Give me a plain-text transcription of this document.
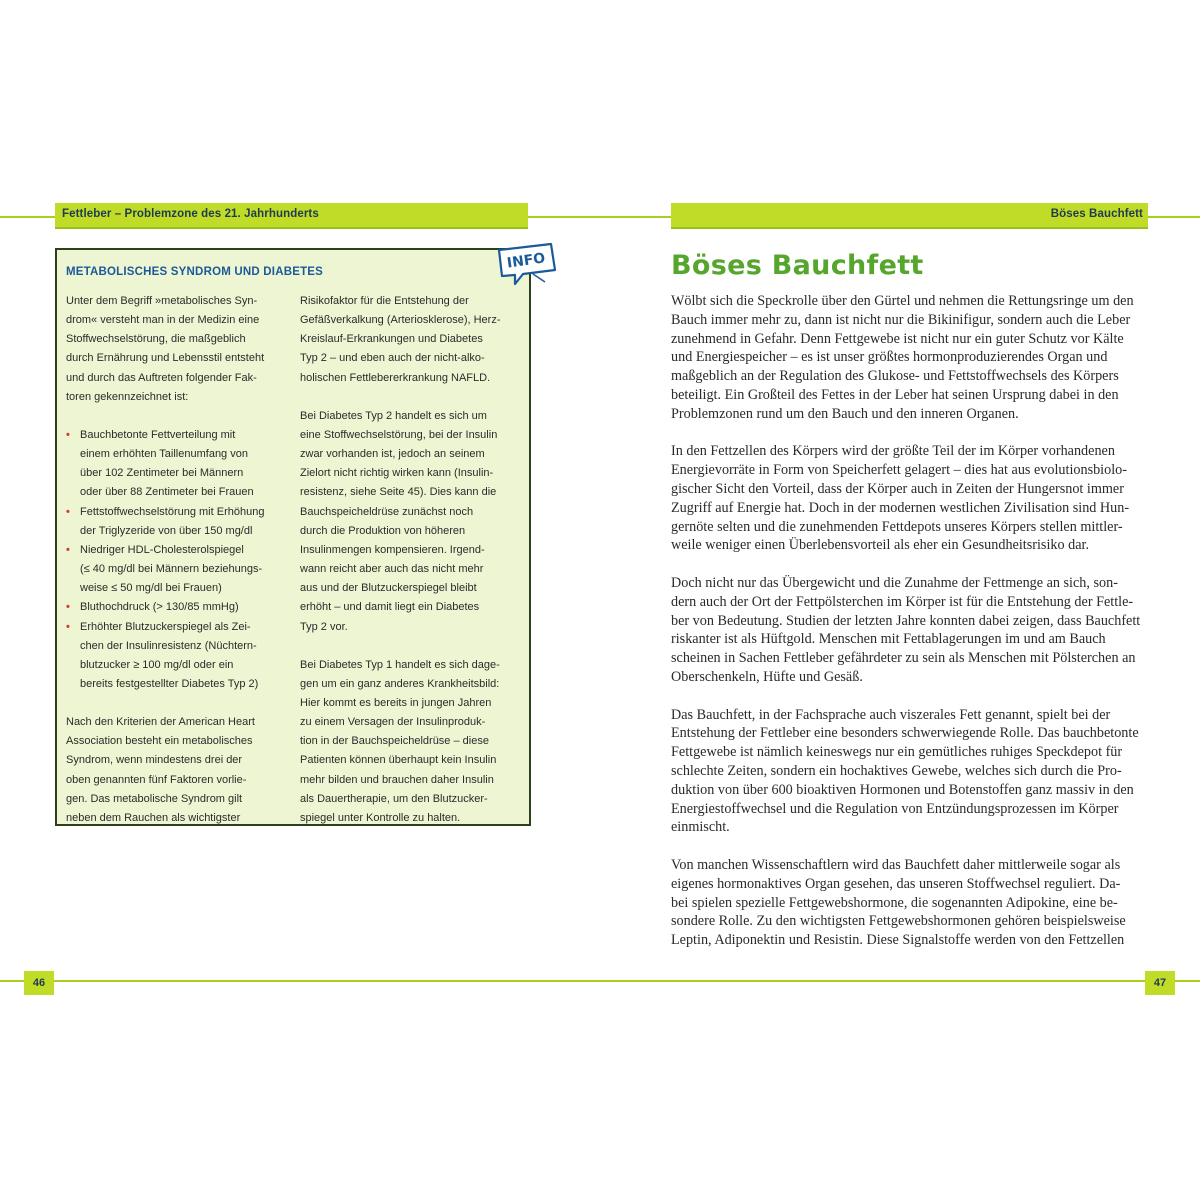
Fettleber – Problemzone des 21. Jahrhunderts	Böses Bauchfett
INFO
METABOLISCHES SYNDROM UND DIABETES
Unter dem Begriff »metabolisches Syn-
drom« versteht man in der Medizin eine
Stoffwechselstörung, die maßgeblich
durch Ernährung und Lebensstil entsteht
und durch das Auftreten folgender Fak-
toren gekennzeichnet ist:
• Bauchbetonte Fettverteilung mit
einem erhöhten Taillenumfang von
über 102 Zentimeter bei Männern
oder über 88 Zentimeter bei Frauen
• Fettstoffwechselstörung mit Erhöhung
der Triglyzeride von über 150 mg/dl
• Niedriger HDL-Cholesterolspiegel
(≤ 40 mg/dl bei Männern beziehungs-
weise ≤ 50 mg/dl bei Frauen)
• Bluthochdruck (> 130/85 mmHg)
• Erhöhter Blutzuckerspiegel als Zei-
chen der Insulinresistenz (Nüchtern-
blutzucker ≥ 100 mg/dl oder ein
bereits festgestellter Diabetes Typ 2)
Nach den Kriterien der American Heart
Association besteht ein metabolisches
Syndrom, wenn mindestens drei der
oben genannten fünf Faktoren vorlie-
gen. Das metabolische Syndrom gilt
neben dem Rauchen als wichtigster
Risikofaktor für die Entstehung der
Gefäßverkalkung (Arteriosklerose), Herz-
Kreislauf-Erkrankungen und Diabetes
Typ 2 – und eben auch der nicht-alko-
holischen Fettlebererkrankung NAFLD.
Bei Diabetes Typ 2 handelt es sich um
eine Stoffwechselstörung, bei der Insulin
zwar vorhanden ist, jedoch an seinem
Zielort nicht richtig wirken kann (Insulin-
resistenz, siehe Seite 45). Dies kann die
Bauchspeicheldrüse zunächst noch
durch die Produktion von höheren
Insulinmengen kompensieren. Irgend-
wann reicht aber auch das nicht mehr
aus und der Blutzuckerspiegel bleibt
erhöht – und damit liegt ein Diabetes
Typ 2 vor.
Bei Diabetes Typ 1 handelt es sich dage-
gen um ein ganz anderes Krankheitsbild:
Hier kommt es bereits in jungen Jahren
zu einem Versagen der Insulinproduk-
tion in der Bauchspeicheldrüse – diese
Patienten können überhaupt kein Insulin
mehr bilden und brauchen daher Insulin
als Dauertherapie, um den Blutzucker-
spiegel unter Kontrolle zu halten.
Böses Bauchfett

Wölbt sich die Speckrolle über den Gürtel und nehmen die Rettungsringe um den
Bauch immer mehr zu, dann ist nicht nur die Bikinifigur, sondern auch die Leber
zunehmend in Gefahr. Denn Fettgewebe ist nicht nur ein guter Schutz vor Kälte
und Energiespeicher – es ist unser größtes hormonproduzierendes Organ und
maßgeblich an der Regulation des Glukose- und Fettstoffwechsels des Körpers
beteiligt. Ein Großteil des Fettes in der Leber hat seinen Ursprung dabei in den
Problemzonen rund um den Bauch und den inneren Organen.

In den Fettzellen des Körpers wird der größte Teil der im Körper vorhandenen
Energievorräte in Form von Speicherfett gelagert – dies hat aus evolutionsbiolo-
gischer Sicht den Vorteil, dass der Körper auch in Zeiten der Hungersnot immer
Zugriff auf Energie hat. Doch in der modernen westlichen Zivilisation sind Hun-
gernöte selten und die zunehmenden Fettdepots unseres Körpers stellen mittler-
weile weniger einen Überlebensvorteil als eher ein Gesundheitsrisiko dar.

Doch nicht nur das Übergewicht und die Zunahme der Fettmenge an sich, son-
dern auch der Ort der Fettpölsterchen im Körper ist für die Entstehung der Fettle-
ber von Bedeutung. Studien der letzten Jahre konnten dabei zeigen, dass Bauchfett
riskanter ist als Hüftgold. Menschen mit Fettablagerungen im und am Bauch
scheinen in Sachen Fettleber gefährdeter zu sein als Menschen mit Pölsterchen an
Oberschenkeln, Hüfte und Gesäß.

Das Bauchfett, in der Fachsprache auch viszerales Fett genannt, spielt bei der
Entstehung der Fettleber eine besonders schwerwiegende Rolle. Das bauchbetonte
Fettgewebe ist nämlich keineswegs nur ein gemütliches ruhiges Speckdepot für
schlechte Zeiten, sondern ein hochaktives Gewebe, welches sich durch die Pro-
duktion von über 600 bioaktiven Hormonen und Botenstoffen ganz massiv in den
Energiestoffwechsel und die Regulation von Entzündungsprozessen im Körper
einmischt.

Von manchen Wissenschaftlern wird das Bauchfett daher mittlerweile sogar als
eigenes hormonaktives Organ gesehen, das unseren Stoffwechsel reguliert. Da-
bei spielen spezielle Fettgewebshormone, die sogenannten Adipokine, eine be-
sondere Rolle. Zu den wichtigsten Fettgewebshormonen gehören beispielsweise
Leptin, Adiponektin und Resistin. Diese Signalstoffe werden von den Fettzellen

46	47
